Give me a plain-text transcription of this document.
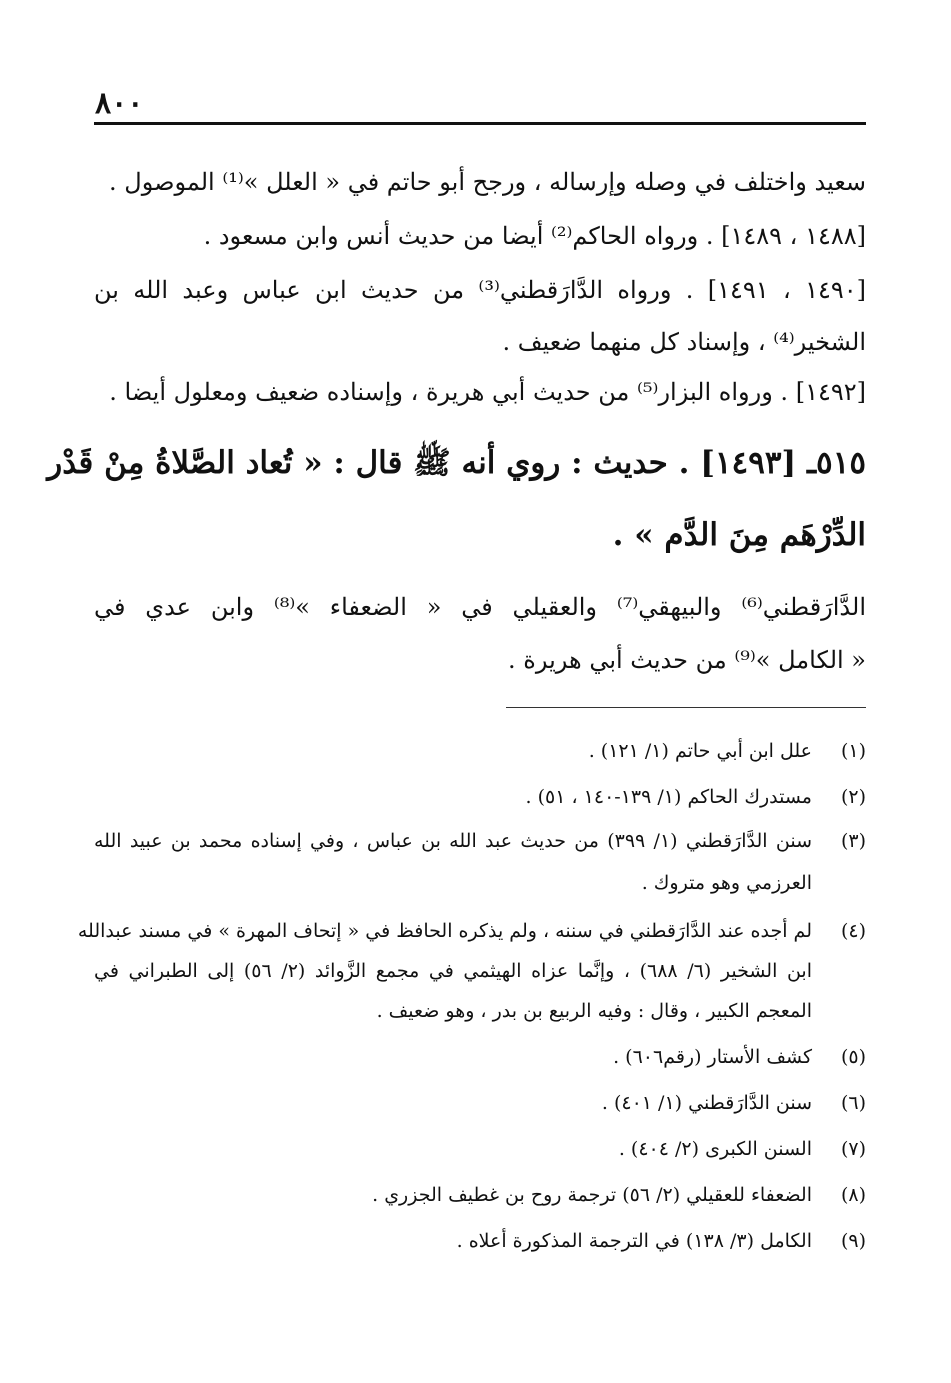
٨٠٠
سعيد واختلف في وصله وإرساله ، ورجح أبو حاتم في « العلل »⁽¹⁾ الموصول .
[١٤٨٨ ، ١٤٨٩] . ورواه الحاكم⁽²⁾ أيضا من حديث أنس وابن مسعود .
[١٤٩٠ ، ١٤٩١] . ورواه الدَّارَقطني⁽³⁾ من حديث ابن عباس وعبد الله بن
الشخير⁽⁴⁾ ، وإسناد كل منهما ضعيف .
[١٤٩٢] . ورواه البزار⁽⁵⁾ من حديث أبي هريرة ، وإسناده ضعيف ومعلول أيضا .
٥١٥ـ [١٤٩٣] . حديث : روي أنه ﷺ قال : « تُعاد الصَّلاةُ مِنْ قَدْر
الدِّرْهَم مِنَ الدَّم » .
الدَّارَقطني⁽⁶⁾ والبيهقي⁽⁷⁾ والعقيلي في « الضعفاء »⁽⁸⁾ وابن عدي في
« الكامل »⁽⁹⁾ من حديث أبي هريرة .
(١)
علل ابن أبي حاتم (١/ ١٢١) .
(٢)
مستدرك الحاكم (١/ ١٣٩-١٤٠ ، ٥١) .
(٣)
سنن الدَّارَقطني (١/ ٣٩٩) من حديث عبد الله بن عباس ، وفي إسناده محمد بن عبيد الله
العرزمي وهو متروك .
(٤)
لم أجده عند الدَّارَقطني في سننه ، ولم يذكره الحافظ في « إتحاف المهرة » في مسند عبدالله
ابن الشخير (٦/ ٦٨٨) ، وإنَّما عزاه الهيثمي في مجمع الزَّوائد (٢/ ٥٦) إلى الطبراني في
المعجم الكبير ، وقال : وفيه الربيع بن بدر ، وهو ضعيف .
(٥)
كشف الأستار (رقم٦٠٦) .
(٦)
سنن الدَّارَقطني (١/ ٤٠١) .
(٧)
السنن الكبرى (٢/ ٤٠٤) .
(٨)
الضعفاء للعقيلي (٢/ ٥٦) ترجمة روح بن غطيف الجزري .
(٩)
الكامل (٣/ ١٣٨) في الترجمة المذكورة أعلاه .
